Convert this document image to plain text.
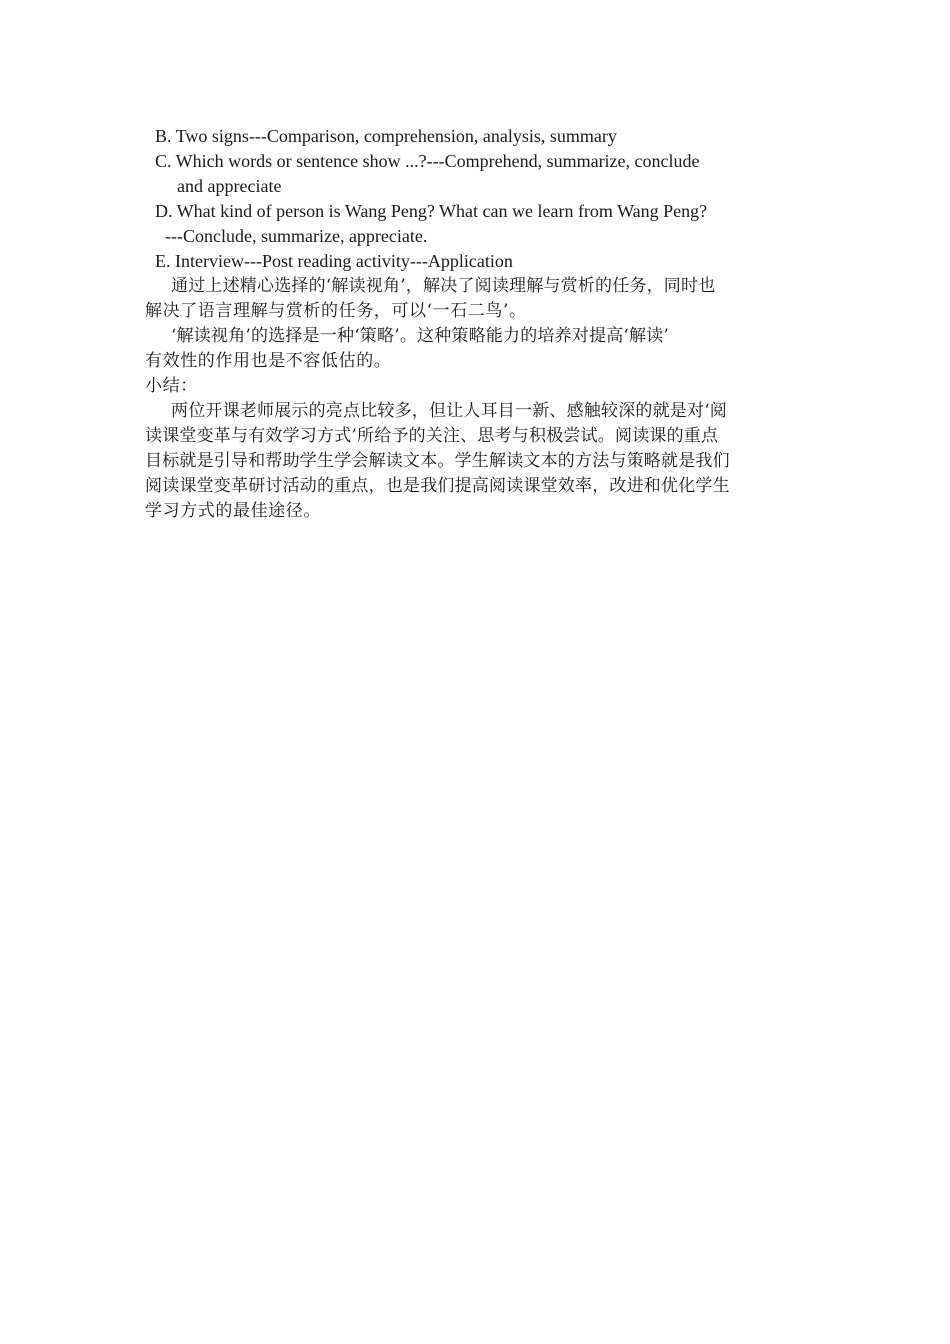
B. Two signs---Comparison, comprehension, analysis, summary
C. Which words or sentence show ...?---Comprehend, summarize, conclude
and appreciate
D. What kind of person is Wang Peng? What can we learn from Wang Peng?
---Conclude, summarize, appreciate.
E. Interview---Post reading activity---Application
通过上述精心选择的‘解读视角’，解决了阅读理解与赏析的任务，同时也
解决了语言理解与赏析的任务，可以‘一石二鸟’。
‘解读视角’的选择是一种‘策略’。这种策略能力的培养对提高‘解读’
有效性的作用也是不容低估的。
小结：
两位开课老师展示的亮点比较多，但让人耳目一新、感触较深的就是对‘阅
读课堂变革与有效学习方式’所给予的关注、思考与积极尝试。阅读课的重点
目标就是引导和帮助学生学会解读文本。学生解读文本的方法与策略就是我们
阅读课堂变革研讨活动的重点，也是我们提高阅读课堂效率，改进和优化学生
学习方式的最佳途径。
